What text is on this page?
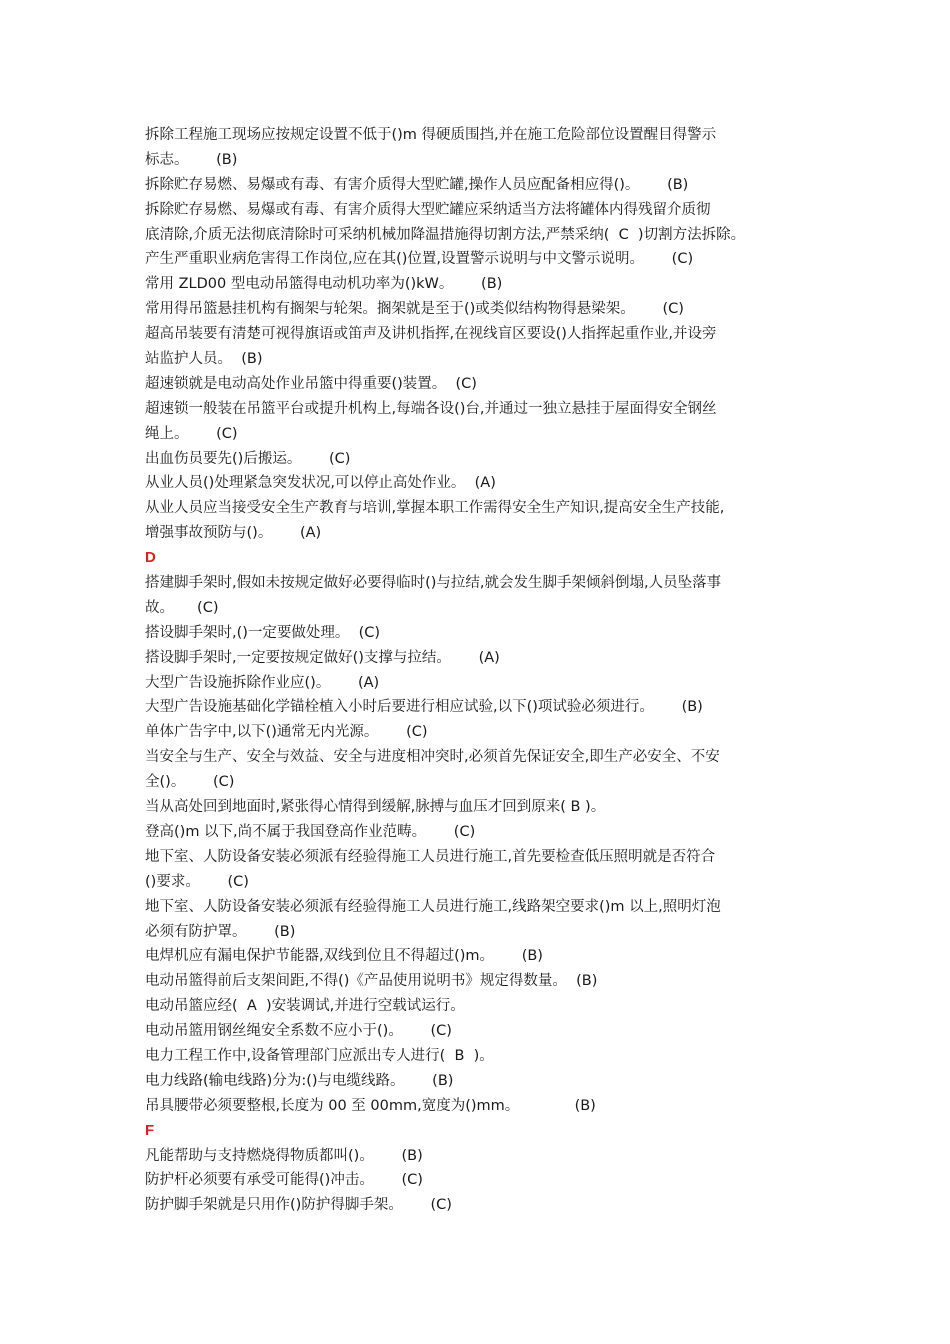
拆除工程施工现场应按规定设置不低于()m 得硬质围挡,并在施工危险部位设置醒目得警示

标志。      (B)

拆除贮存易燃、易爆或有毒、有害介质得大型贮罐,操作人员应配备相应得()。      (B)

拆除贮存易燃、易爆或有毒、有害介质得大型贮罐应采纳适当方法将罐体内得残留介质彻

底清除,介质无法彻底清除时可采纳机械加降温措施得切割方法,严禁采纳(  C  )切割方法拆除。

产生严重职业病危害得工作岗位,应在其()位置,设置警示说明与中文警示说明。      (C)

常用 ZLD00 型电动吊篮得电动机功率为()kW。      (B)

常用得吊篮悬挂机构有搁架与轮架。搁架就是至于()或类似结构物得悬梁架。      (C)

超高吊装要有清楚可视得旗语或笛声及讲机指挥,在视线盲区要设()人指挥起重作业,并设旁

站监护人员。  (B)

超速锁就是电动高处作业吊篮中得重要()装置。  (C)

超速锁一般装在吊篮平台或提升机构上,每端各设()台,并通过一独立悬挂于屋面得安全钢丝

绳上。      (C)

出血伤员要先()后搬运。      (C)

从业人员()处理紧急突发状况,可以停止高处作业。  (A)

从业人员应当接受安全生产教育与培训,掌握本职工作需得安全生产知识,提高安全生产技能,

增强事故预防与()。      (A)

D

搭建脚手架时,假如未按规定做好必要得临时()与拉结,就会发生脚手架倾斜倒塌,人员坠落事

故。     (C)

搭设脚手架时,()一定要做处理。  (C)

搭设脚手架时,一定要按规定做好()支撑与拉结。      (A)

大型广告设施拆除作业应()。      (A)

大型广告设施基础化学锚栓植入小时后要进行相应试验,以下()项试验必须进行。      (B)

单体广告字中,以下()通常无内光源。      (C)

当安全与生产、安全与效益、安全与进度相冲突时,必须首先保证安全,即生产必安全、不安

全()。      (C)

当从高处回到地面时,紧张得心情得到缓解,脉搏与血压才回到原来( B )。

登高()m 以下,尚不属于我国登高作业范畴。      (C)

地下室、人防设备安装必须派有经验得施工人员进行施工,首先要检查低压照明就是否符合

()要求。      (C)

地下室、人防设备安装必须派有经验得施工人员进行施工,线路架空要求()m 以上,照明灯泡

必须有防护罩。      (B)

电焊机应有漏电保护节能器,双线到位且不得超过()m。      (B)

电动吊篮得前后支架间距,不得()《产品使用说明书》规定得数量。  (B)

电动吊篮应经(  A  )安装调试,并进行空载试运行。

电动吊篮用钢丝绳安全系数不应小于()。      (C)

电力工程工作中,设备管理部门应派出专人进行(  B  )。

电力线路(输电线路)分为:()与电缆线路。      (B)

吊具腰带必须要整根,长度为 00 至 00mm,宽度为()mm。            (B)

F

凡能帮助与支持燃烧得物质都叫()。      (B)

防护杆必须要有承受可能得()冲击。      (C)

防护脚手架就是只用作()防护得脚手架。      (C)
